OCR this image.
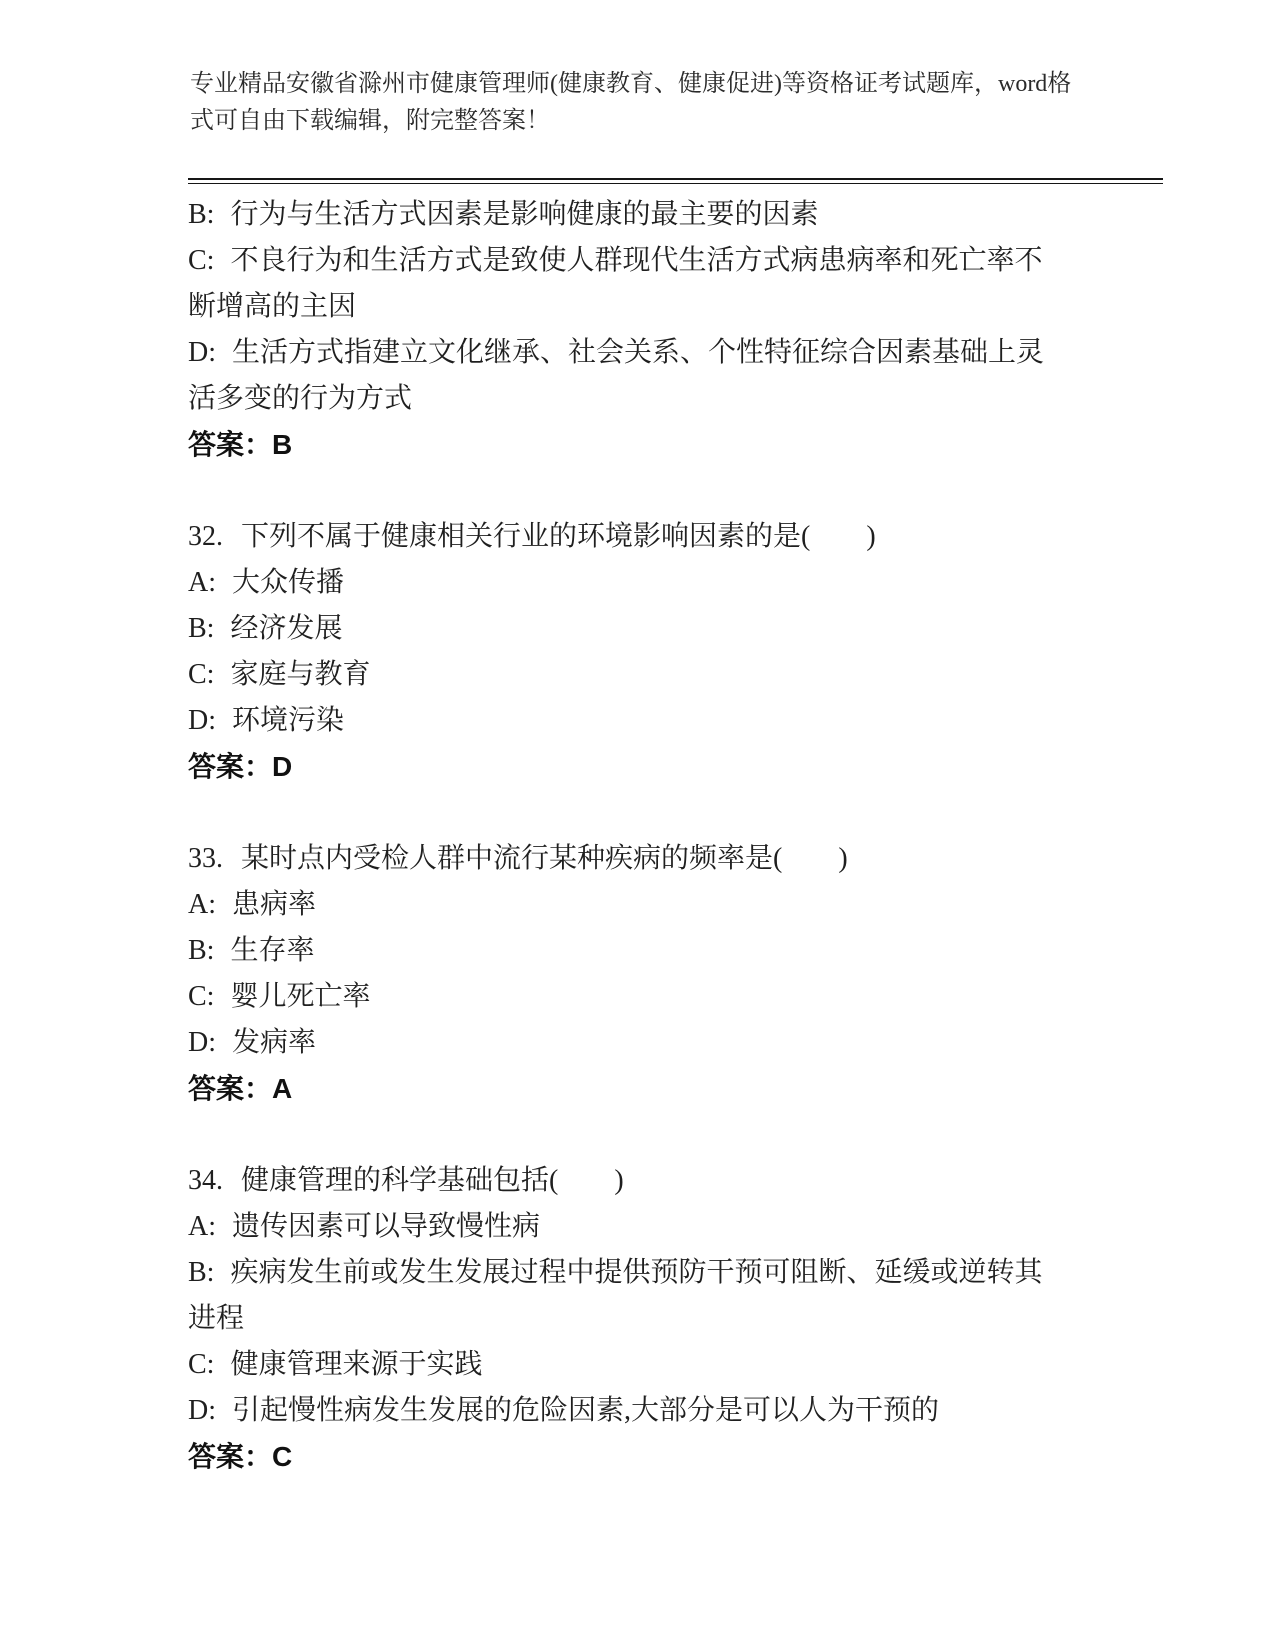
专业精品安徽省滁州市健康管理师(健康教育、健康促进)等资格证考试题库，word格式可自由下载编辑，附完整答案！

B: 行为与生活方式因素是影响健康的最主要的因素

C: 不良行为和生活方式是致使人群现代生活方式病患病率和死亡率不断增高的主因

D: 生活方式指建立文化继承、社会关系、个性特征综合因素基础上灵活多变的行为方式

答案：B

32. 下列不属于健康相关行业的环境影响因素的是(　　)

A: 大众传播

B: 经济发展

C: 家庭与教育

D: 环境污染

答案：D

33. 某时点内受检人群中流行某种疾病的频率是(　　)

A: 患病率

B: 生存率

C: 婴儿死亡率

D: 发病率

答案：A

34. 健康管理的科学基础包括(　　)

A: 遗传因素可以导致慢性病

B: 疾病发生前或发生发展过程中提供预防干预可阻断、延缓或逆转其进程

C: 健康管理来源于实践

D: 引起慢性病发生发展的危险因素,大部分是可以人为干预的

答案：C
